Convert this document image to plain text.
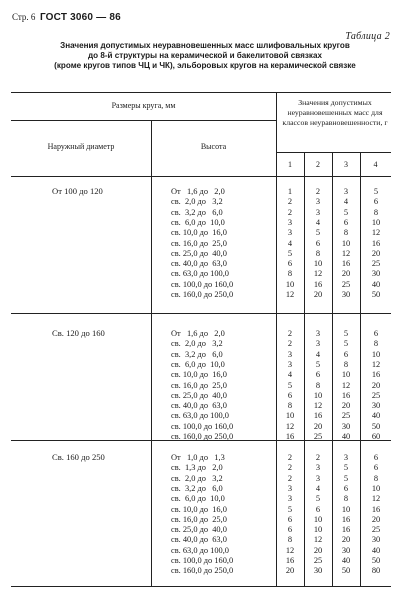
Стр. 6 ГОСТ 3060 — 86
Таблица 2
Значения допустимых неуравновешенных масс шлифовальных кругов
до 8-й структуры на керамической и бакелитовой связках
(кроме кругов типов ЧЦ и ЧК), эльборовых кругов на керамической связке
Размеры круга, мм
Наружный диаметр	Высота
Значения допустимых неуравновешенных масс для классов неуравновешенности, г
1	2	3	4
От 100 до 120	От   1,6 до   2,0	1	2	3	5
св.  2,0 до   3,2	2	3	4	6
св.  3,2 до   6,0	2	3	5	8
св.  6,0 до  10,0	3	4	6	10
св. 10,0 до  16,0	3	5	8	12
св. 16,0 до  25,0	4	6	10	16
св. 25,0 до  40,0	5	8	12	20
св. 40,0 до  63,0	6	10	16	25
св. 63,0 до 100,0	8	12	20	30
св. 100,0 до 160,0	10	16	25	40
св. 160,0 до 250,0	12	20	30	50
Св. 120 до 160	От   1,6 до   2,0	2	3	5	6
св.  2,0 до   3,2	2	3	5	8
св.  3,2 до   6,0	3	4	6	10
св.  6,0 до  10,0	3	5	8	12
св. 10,0 до  16,0	4	6	10	16
св. 16,0 до  25,0	5	8	12	20
св. 25,0 до  40,0	6	10	16	25
св. 40,0 до  63,0	8	12	20	30
св. 63,0 до 100,0	10	16	25	40
св. 100,0 до 160,0	12	20	30	50
св. 160,0 до 250,0	16	25	40	60
Св. 160 до 250	От   1,0 до   1,3	2	2	3	6
св.  1,3 до   2,0	2	3	5	6
св.  2,0 до   3,2	2	3	5	8
св.  3,2 до   6,0	3	4	6	10
св.  6,0 до  10,0	3	5	8	12
св. 10,0 до  16,0	5	6	10	16
св. 16,0 до  25,0	6	10	16	20
св. 25,0 до  40,0	6	10	16	25
св. 40,0 до  63,0	8	12	20	30
св. 63,0 до 100,0	12	20	30	40
св. 100,0 до 160,0	16	25	40	50
св. 160,0 до 250,0	20	30	50	80
